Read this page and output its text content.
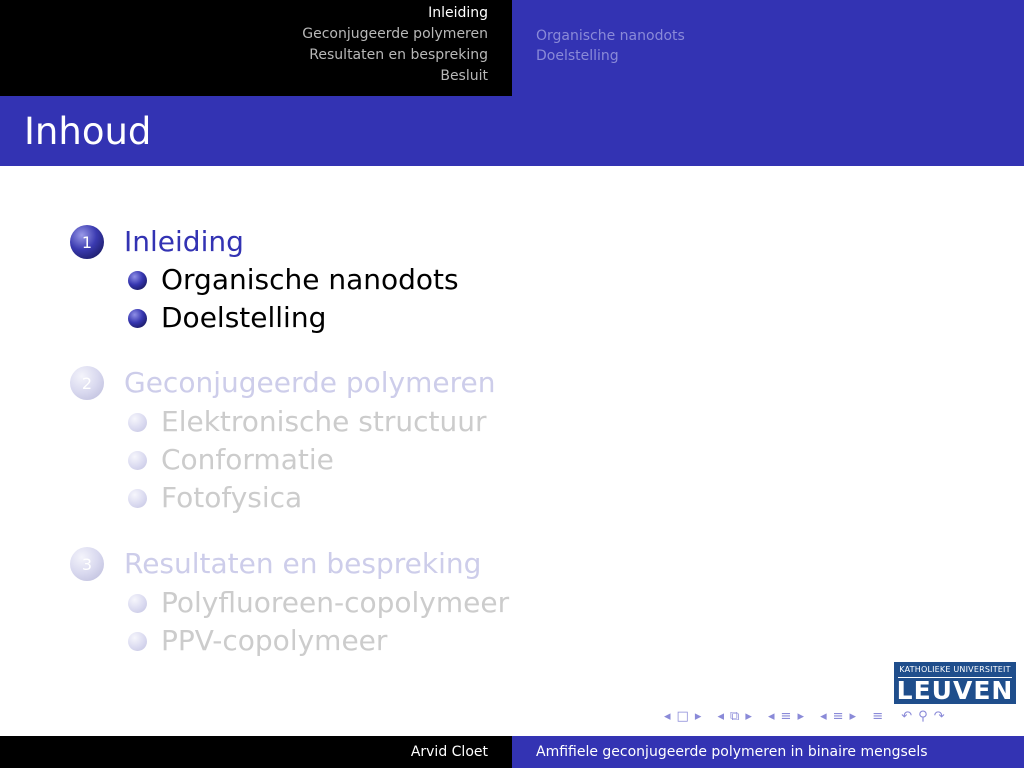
Inleiding
Geconjugeerde polymeren
Resultaten en bespreking
Besluit
Organische nanodots
Doelstelling
Inhoud
1 Inleiding
Organische nanodots
Doelstelling
2 Geconjugeerde polymeren
Elektronische structuur
Conformatie
Fotofysica
3 Resultaten en bespreking
Polyfluoreen-copolymeer
PPV-copolymeer
KATHOLIEKE UNIVERSITEIT
LEUVEN
◂ □ ▸ ◂ ⧉ ▸ ◂ ≡ ▸ ◂ ≡ ▸ ≡ ↶ ⚲ ↷
Arvid Cloet	Amfifiele geconjugeerde polymeren in binaire mengsels
